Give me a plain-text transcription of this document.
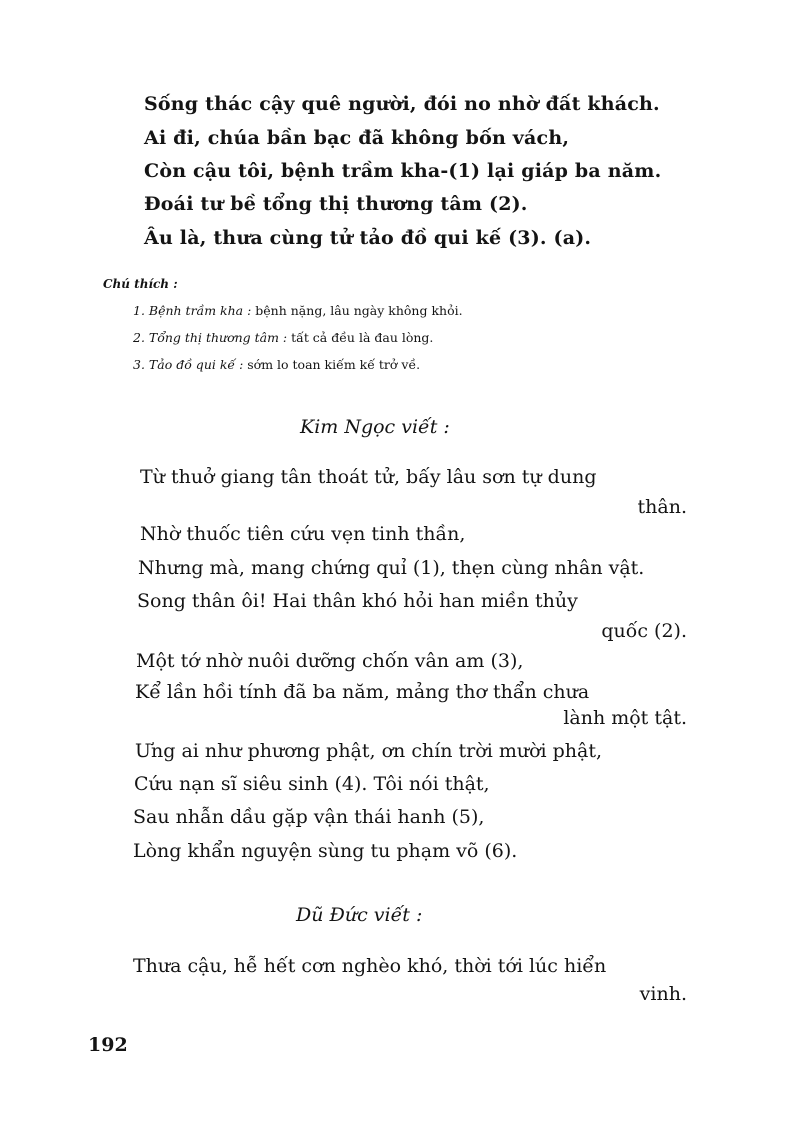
Sống thác cậy quê người, đói no nhờ đất khách.
Ai đi, chúa bần bạc đã không bốn vách,
Còn cậu tôi, bệnh trầm kha-(1) lại giáp ba năm.
Đoái tư bề tổng thị thương tâm (2).
Âu là, thưa cùng tử tảo đồ qui kế (3). (a).
Chú thích :
1. Bệnh trầm kha : bệnh nặng, lâu ngày không khỏi.
2. Tổng thị thương tâm : tất cả đều là đau lòng.
3. Tảo đồ qui kế : sớm lo toan kiếm kế trở về.
Kim Ngọc viết :
Từ thuở giang tân thoát tử, bấy lâu sơn tự dung
thân.
Nhờ thuốc tiên cứu vẹn tinh thần,
Nhưng mà, mang chứng quỉ (1), thẹn cùng nhân vật.
Song thân ôi! Hai thân khó hỏi han miền thủy
quốc (2).
Một tớ nhờ nuôi dưỡng chốn vân am (3),
Kể lần hồi tính đã ba năm, mảng thơ thẩn chưa
lành một tật.
Ưng ai như phương phật, ơn chín trời mười phật,
Cứu nạn sĩ siêu sinh (4). Tôi nói thật,
Sau nhẫn dầu gặp vận thái hanh (5),
Lòng khẩn nguyện sùng tu phạm võ (6).
Dũ Đức viết :
Thưa cậu, hễ hết cơn nghèo khó, thời tới lúc hiển
vinh.
192
